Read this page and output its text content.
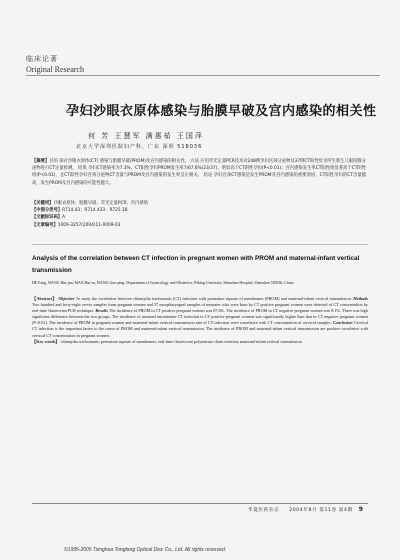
临床论著
Original Research
孕妇沙眼衣原体感染与胎膜早破及宫内感染的相关性
何 芳 王慧军 满惠茹 王国萍
北京大学深圳医院妇产科，广东 深圳 518036
【摘要】目的 探讨沙眼衣原体(CT) 感染与胎膜早破(PROM)及宫内感染的相关性。 方法 应用荧光定量PCR技术对248例孕妇宫颈分泌物及37例CT阳性母亲所生新生儿眼结膜分泌物进行CT定量检测。 结果 孕妇CT感染率为7.3%，CT阳性孕妇PROM发生率为67.6%(23/37)，明显高于CT阴性孕妇(P<0.01)；宫内感染发生率CT阳性组显著高于CT阴性组(P<0.01)，且CT阳性孕妇宫颈分泌物CT含量与PROM及宫内感染的发生率呈正相关。 结论 孕妇宫颈CT感染是发生PROM及宫内感染的重要原因，CT阳性孕妇的CT含量越高，发生PROM及宫内感染的可能性越大。
【关键词】沙眼衣原体；胎膜早破；荧光定量PCR；宫内感染
【中图分类号】R714.43；R714.433；R725.18
【文献标识码】A
【文章编号】1009-3257(2004)11-0009-03
Analysis of the correlation between CT infection in pregnant women with PROM and maternal-infant vertical transmission
HE Fang, WANG Hui-jun, MAN Hui-ru, WANG Guo-ping. Department of Gynecology and Obstetrics, Peking University Shenzhen Hospital, Shenzhen 518036, China
【Abstract】 Objective To study the correlation between chlamydia trachomatis (CT) infection with premature rupture of membranes (PROM) and maternal-infant vertical transmission. Methods Two hundred and forty-eight cervix samples from pregnant women and 37 nasopharyngeal samples of neonates who were born by CT positive pregnant women were detected of CT concentration by real-time fluorescent PCR technique. Results The incidence of PROM in CT positive pregnant women was 67.6%. The incidence of PROM in CT negative pregnant women was 8.1%. There was high significant difference between the two groups. The incidence of neonatal intrauterine CT infection in CT positive pregnant women was significantly higher than that in CT negative pregnant women (P<0.01). The incidence of PROM in pregnant women and maternal-infant vertical transmission rate of CT infection were correlative with CT concentration of cervical samples. Conclusion Cervical CT infection is the important factor to the cause of PROM and maternal-infant vertical transmission. The incidence of PROM and maternal-infant vertical transmission are positive correlative with cervical CT concentration in pregnant women.
【Key words】 chlamydia trachomatis; premature rupture of membranes; real-time fluorescent polymerase chain reaction; maternal-infant vertical transmission
华夏医药杂志 2004年8月 第11卷 第4期 9
©1995-2005 Tsinghua Tongfang Optical Disc Co., Ltd. All rights reserved.
